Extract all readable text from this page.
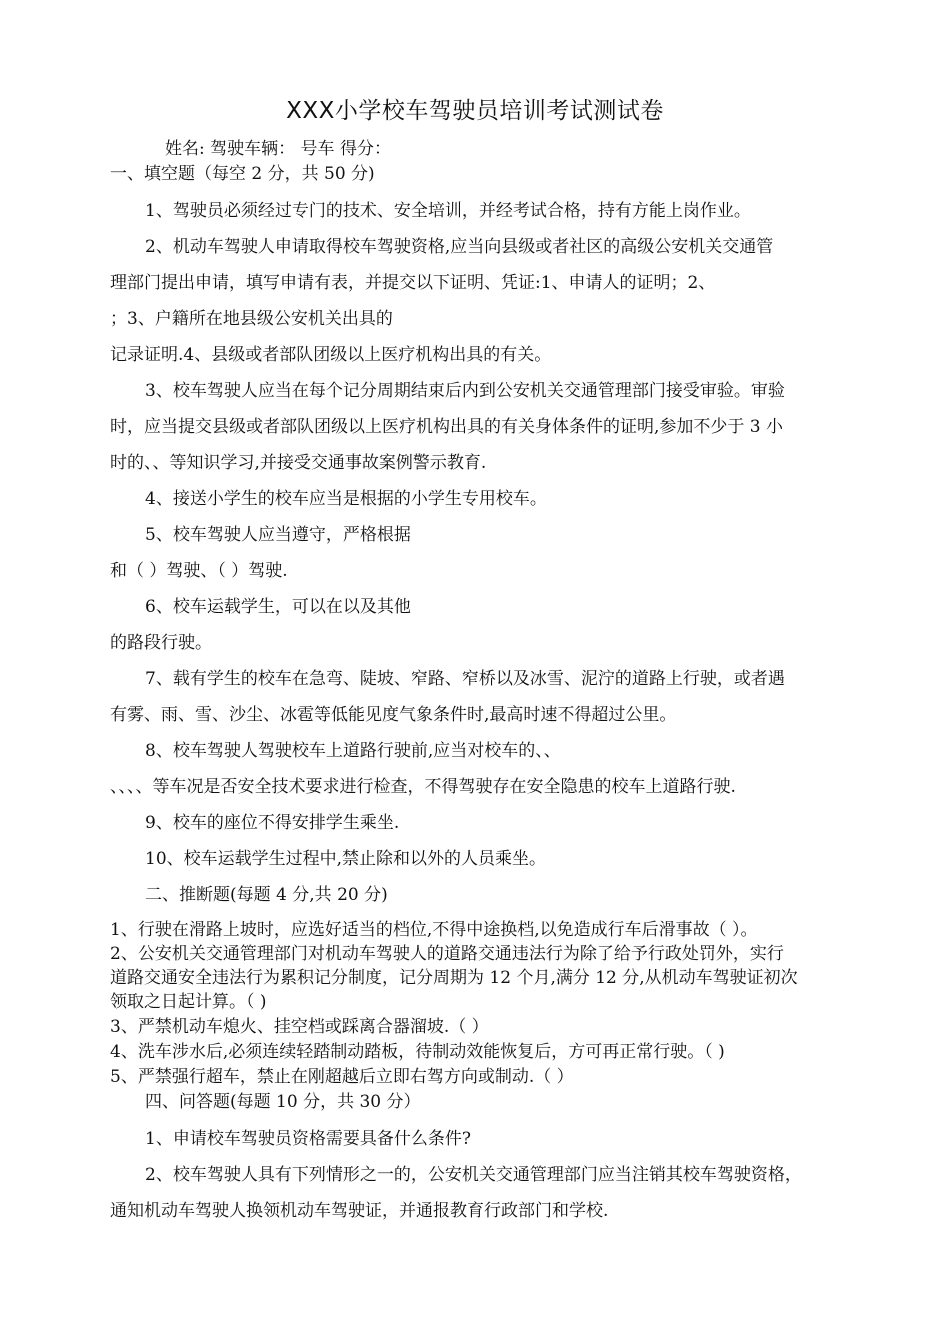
XXX小学校车驾驶员培训考试测试卷
姓名: 驾驶车辆： 号车 得分：
一、填空题（每空 2 分，共 50 分)
1、驾驶员必须经过专门的技术、安全培训，并经考试合格，持有方能上岗作业。
2、机动车驾驶人申请取得校车驾驶资格,应当向县级或者社区的高级公安机关交通管
理部门提出申请，填写申请有表，并提交以下证明、凭证:1、申请人的证明；2、
；3、户籍所在地县级公安机关出具的
记录证明.4、县级或者部队团级以上医疗机构出具的有关。
3、校车驾驶人应当在每个记分周期结束后内到公安机关交通管理部门接受审验。审验
时，应当提交县级或者部队团级以上医疗机构出具的有关身体条件的证明,参加不少于 3 小
时的、、等知识学习,并接受交通事故案例警示教育.
4、接送小学生的校车应当是根据的小学生专用校车。
5、校车驾驶人应当遵守，严格根据
和（ ）驾驶、（ ）驾驶.
6、校车运载学生，可以在以及其他
的路段行驶。
7、载有学生的校车在急弯、陡坡、窄路、窄桥以及冰雪、泥泞的道路上行驶，或者遇
有雾、雨、雪、沙尘、冰雹等低能见度气象条件时,最高时速不得超过公里。
8、校车驾驶人驾驶校车上道路行驶前,应当对校车的、、
、、、、等车况是否安全技术要求进行检查，不得驾驶存在安全隐患的校车上道路行驶.
9、校车的座位不得安排学生乘坐.
10、校车运载学生过程中,禁止除和以外的人员乘坐。
二、推断题(每题 4 分,共 20 分)
1、行驶在滑路上坡时，应选好适当的档位,不得中途换档,以免造成行车后滑事故（ ）。
2、公安机关交通管理部门对机动车驾驶人的道路交通违法行为除了给予行政处罚外，实行
道路交通安全违法行为累积记分制度，记分周期为 12 个月,满分 12 分,从机动车驾驶证初次
领取之日起计算。（ )
3、严禁机动车熄火、挂空档或踩离合器溜坡.（ ）
4、洗车涉水后,必须连续轻踏制动踏板，待制动效能恢复后，方可再正常行驶。（ )
5、严禁强行超车，禁止在刚超越后立即右驾方向或制动.（ ）
四、问答题(每题 10 分，共 30 分）
1、申请校车驾驶员资格需要具备什么条件?
2、校车驾驶人具有下列情形之一的，公安机关交通管理部门应当注销其校车驾驶资格，
通知机动车驾驶人换领机动车驾驶证，并通报教育行政部门和学校.
